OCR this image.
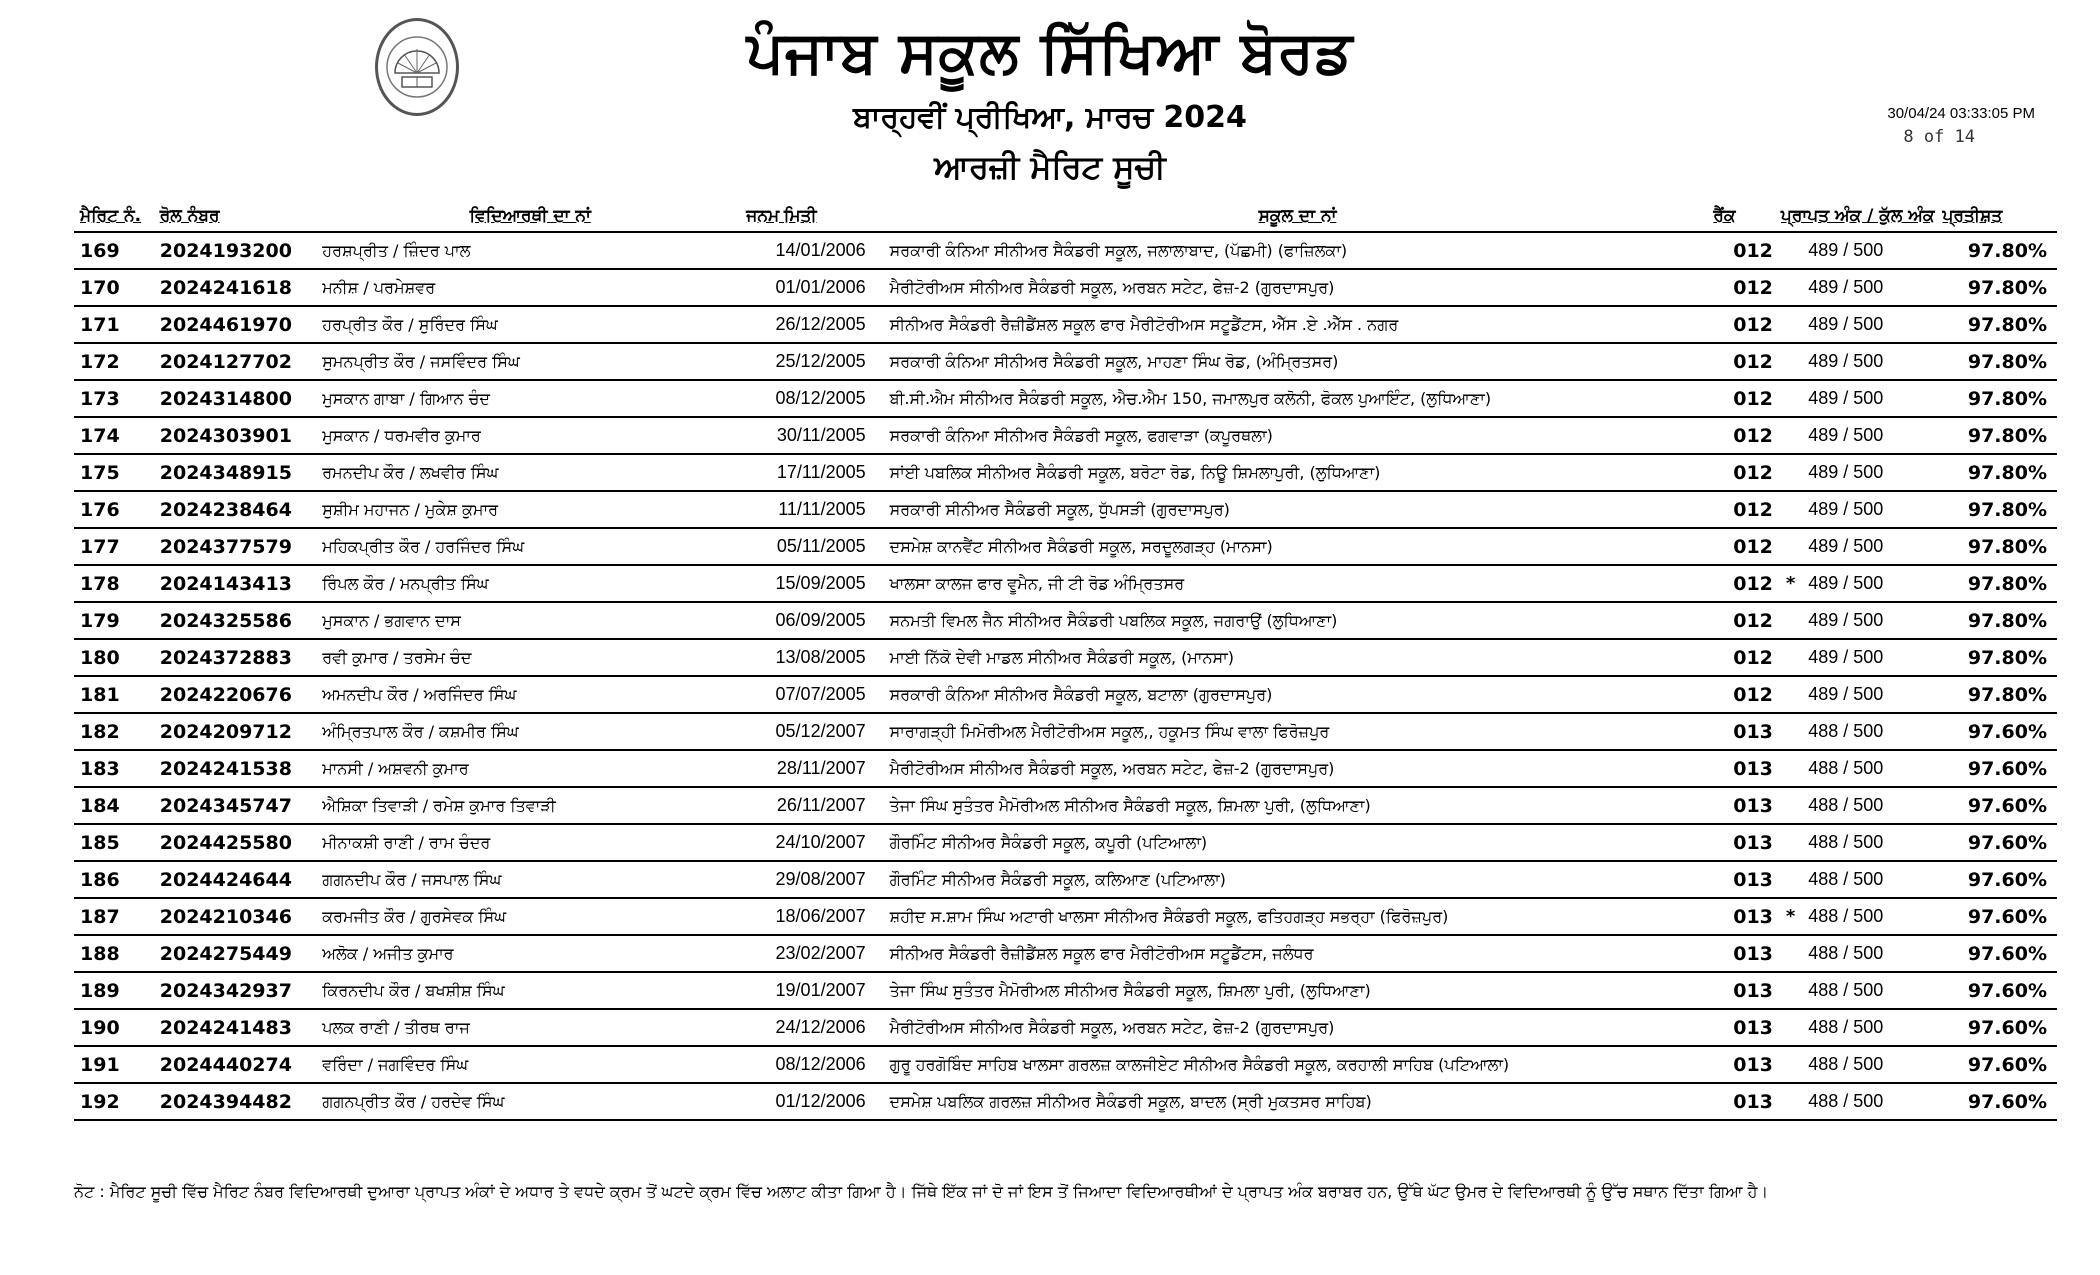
ਪੰਜਾਬ ਸਕੂਲ ਸਿੱਖਿਆ ਬੋਰਡ
ਬਾਰ੍ਹਵੀਂ ਪ੍ਰੀਖਿਆ, ਮਾਰਚ 2024
ਆਰਜ਼ੀ ਮੈਰਿਟ ਸੂਚੀ
30/04/24 03:33:05 PM
8 of 14
ਮੈਰਿਟ ਨੰ.	ਰੋਲ ਨੰਬਰ	ਵਿਦਿਆਰਥੀ ਦਾ ਨਾਂ	ਜਨਮ ਮਿਤੀ	ਸਕੂਲ ਦਾ ਨਾਂ	ਰੈਂਕ	ਪ੍ਰਾਪਤ ਅੰਕ / ਕੁੱਲ ਅੰਕ		ਪ੍ਰਤੀਸ਼ਤ
169	2024193200	ਹਰਸ਼ਪ੍ਰੀਤ / ਜ਼ਿੰਦਰ ਪਾਲ	14/01/2006	ਸਰਕਾਰੀ ਕੰਨਿਆ ਸੀਨੀਅਰ ਸੈਕੰਡਰੀ ਸਕੂਲ, ਜਲਾਲਾਬਾਦ, (ਪੱਛਮੀ) (ਫਾਜ਼ਿਲਕਾ)	012		489 / 500	97.80%
170	2024241618	ਮਨੀਸ਼ / ਪਰਮੇਸ਼ਵਰ	01/01/2006	ਮੈਰੀਟੋਰੀਅਸ ਸੀਨੀਅਰ ਸੈਕੰਡਰੀ ਸਕੂਲ, ਅਰਬਨ ਸਟੇਟ, ਫੇਜ਼-2 (ਗੁਰਦਾਸਪੁਰ)	012		489 / 500	97.80%
171	2024461970	ਹਰਪ੍ਰੀਤ ਕੌਰ / ਸੁਰਿੰਦਰ ਸਿੰਘ	26/12/2005	ਸੀਨੀਅਰ ਸੈਕੰਡਰੀ ਰੈਜ਼ੀਡੈਂਸ਼ਲ ਸਕੂਲ ਫਾਰ ਮੈਰੀਟੋਰੀਅਸ ਸਟੂਡੈਂਟਸ, ਐੱਸ .ਏ .ਐੱਸ . ਨਗਰ	012		489 / 500	97.80%
172	2024127702	ਸੁਮਨਪ੍ਰੀਤ ਕੌਰ / ਜਸਵਿੰਦਰ ਸਿੰਘ	25/12/2005	ਸਰਕਾਰੀ ਕੰਨਿਆ ਸੀਨੀਅਰ ਸੈਕੰਡਰੀ ਸਕੂਲ, ਮਾਹਣਾ ਸਿੰਘ ਰੋਡ, (ਅੰਮ੍ਰਿਤਸਰ)	012		489 / 500	97.80%
173	2024314800	ਮੁਸਕਾਨ ਗਾਬਾ / ਗਿਆਨ ਚੰਦ	08/12/2005	ਬੀ.ਸੀ.ਐਮ ਸੀਨੀਅਰ ਸੈਕੰਡਰੀ ਸਕੂਲ, ਐਚ.ਐਮ 150, ਜਮਾਲਪੁਰ ਕਲੋਨੀ, ਫੋਕਲ ਪੁਆਇੰਟ, (ਲੁਧਿਆਣਾ)	012		489 / 500	97.80%
174	2024303901	ਮੁਸਕਾਨ / ਧਰਮਵੀਰ ਕੁਮਾਰ	30/11/2005	ਸਰਕਾਰੀ ਕੰਨਿਆ ਸੀਨੀਅਰ ਸੈਕੰਡਰੀ ਸਕੂਲ, ਫਗਵਾੜਾ (ਕਪੂਰਥਲਾ)	012		489 / 500	97.80%
175	2024348915	ਰਮਨਦੀਪ ਕੌਰ / ਲਖਵੀਰ ਸਿੰਘ	17/11/2005	ਸਾਂਈ ਪਬਲਿਕ ਸੀਨੀਅਰ ਸੈਕੰਡਰੀ ਸਕੂਲ, ਬਰੋਟਾ ਰੋਡ, ਨਿਊ ਸ਼ਿਮਲਾਪੁਰੀ, (ਲੁਧਿਆਣਾ)	012		489 / 500	97.80%
176	2024238464	ਸੁਸ਼ੀਮ ਮਹਾਜਨ / ਮੁਕੇਸ਼ ਕੁਮਾਰ	11/11/2005	ਸਰਕਾਰੀ ਸੀਨੀਅਰ ਸੈਕੰਡਰੀ ਸਕੂਲ, ਧੁੱਪਸੜੀ (ਗੁਰਦਾਸਪੁਰ)	012		489 / 500	97.80%
177	2024377579	ਮਹਿਕਪ੍ਰੀਤ ਕੌਰ / ਹਰਜਿੰਦਰ ਸਿੰਘ	05/11/2005	ਦਸਮੇਸ਼ ਕਾਨਵੈਂਟ ਸੀਨੀਅਰ ਸੈਕੰਡਰੀ ਸਕੂਲ, ਸਰਦੂਲਗੜ੍ਹ (ਮਾਨਸਾ)	012		489 / 500	97.80%
178	2024143413	ਰਿੰਪਲ ਕੌਰ / ਮਨਪ੍ਰੀਤ ਸਿੰਘ	15/09/2005	ਖਾਲਸਾ ਕਾਲਜ ਫਾਰ ਵੂਮੈਨ, ਜੀ ਟੀ ਰੋਡ ਅੰਮ੍ਰਿਤਸਰ	012	*	489 / 500	97.80%
179	2024325586	ਮੁਸਕਾਨ / ਭਗਵਾਨ ਦਾਸ	06/09/2005	ਸਨਮਤੀ ਵਿਮਲ ਜੈਨ ਸੀਨੀਅਰ ਸੈਕੰਡਰੀ ਪਬਲਿਕ ਸਕੂਲ, ਜਗਰਾਉਂ (ਲੁਧਿਆਣਾ)	012		489 / 500	97.80%
180	2024372883	ਰਵੀ ਕੁਮਾਰ / ਤਰਸੇਮ ਚੰਦ	13/08/2005	ਮਾਈ ਨਿੱਕੋ ਦੇਵੀ ਮਾਡਲ ਸੀਨੀਅਰ ਸੈਕੰਡਰੀ ਸਕੂਲ, (ਮਾਨਸਾ)	012		489 / 500	97.80%
181	2024220676	ਅਮਨਦੀਪ ਕੌਰ / ਅਰਜਿੰਦਰ ਸਿੰਘ	07/07/2005	ਸਰਕਾਰੀ ਕੰਨਿਆ ਸੀਨੀਅਰ ਸੈਕੰਡਰੀ ਸਕੂਲ, ਬਟਾਲਾ (ਗੁਰਦਾਸਪੁਰ)	012		489 / 500	97.80%
182	2024209712	ਅੰਮ੍ਰਿਤਪਾਲ ਕੌਰ / ਕਸ਼ਮੀਰ ਸਿੰਘ	05/12/2007	ਸਾਰਾਗੜ੍ਹੀ ਮਿਮੋਰੀਅਲ ਮੈਰੀਟੋਰੀਅਸ ਸਕੂਲ,, ਹਕੂਮਤ ਸਿੰਘ ਵਾਲਾ ਫਿਰੋਜ਼ਪੁਰ	013		488 / 500	97.60%
183	2024241538	ਮਾਨਸੀ / ਅਸ਼ਵਨੀ ਕੁਮਾਰ	28/11/2007	ਮੈਰੀਟੋਰੀਅਸ ਸੀਨੀਅਰ ਸੈਕੰਡਰੀ ਸਕੂਲ, ਅਰਬਨ ਸਟੇਟ, ਫੇਜ਼-2 (ਗੁਰਦਾਸਪੁਰ)	013		488 / 500	97.60%
184	2024345747	ਐਸ਼ਿਕਾ ਤਿਵਾੜੀ / ਰਮੇਸ਼ ਕੁਮਾਰ ਤਿਵਾੜੀ	26/11/2007	ਤੇਜਾ ਸਿੰਘ ਸੁਤੰਤਰ ਮੈਮੋਰੀਅਲ ਸੀਨੀਅਰ ਸੈਕੰਡਰੀ ਸਕੂਲ, ਸ਼ਿਮਲਾ ਪੁਰੀ, (ਲੁਧਿਆਣਾ)	013		488 / 500	97.60%
185	2024425580	ਮੀਨਾਕਸ਼ੀ ਰਾਣੀ / ਰਾਮ ਚੰਦਰ	24/10/2007	ਗੌਰਮਿੰਟ ਸੀਨੀਅਰ ਸੈਕੰਡਰੀ ਸਕੂਲ, ਕਪੂਰੀ (ਪਟਿਆਲਾ)	013		488 / 500	97.60%
186	2024424644	ਗਗਨਦੀਪ ਕੌਰ / ਜਸਪਾਲ ਸਿੰਘ	29/08/2007	ਗੌਰਮਿੰਟ ਸੀਨੀਅਰ ਸੈਕੰਡਰੀ ਸਕੂਲ, ਕਲਿਆਣ (ਪਟਿਆਲਾ)	013		488 / 500	97.60%
187	2024210346	ਕਰਮਜੀਤ ਕੌਰ / ਗੁਰਸੇਵਕ ਸਿੰਘ	18/06/2007	ਸ਼ਹੀਦ ਸ.ਸ਼ਾਮ ਸਿੰਘ ਅਟਾਰੀ ਖਾਲਸਾ ਸੀਨੀਅਰ ਸੈਕੰਡਰੀ ਸਕੂਲ, ਫਤਿਹਗੜ੍ਹ ਸਭਰ੍ਹਾ (ਫਿਰੋਜ਼ਪੁਰ)	013	*	488 / 500	97.60%
188	2024275449	ਅਲੋਕ / ਅਜੀਤ ਕੁਮਾਰ	23/02/2007	ਸੀਨੀਅਰ ਸੈਕੰਡਰੀ ਰੈਜ਼ੀਡੈਂਸ਼ਲ ਸਕੂਲ ਫਾਰ ਮੈਰੀਟੋਰੀਅਸ ਸਟੂਡੈਂਟਸ, ਜਲੰਧਰ	013		488 / 500	97.60%
189	2024342937	ਕਿਰਨਦੀਪ ਕੌਰ / ਬਖਸ਼ੀਸ਼ ਸਿੰਘ	19/01/2007	ਤੇਜਾ ਸਿੰਘ ਸੁਤੰਤਰ ਮੈਮੋਰੀਅਲ ਸੀਨੀਅਰ ਸੈਕੰਡਰੀ ਸਕੂਲ, ਸ਼ਿਮਲਾ ਪੁਰੀ, (ਲੁਧਿਆਣਾ)	013		488 / 500	97.60%
190	2024241483	ਪਲਕ ਰਾਣੀ / ਤੀਰਥ ਰਾਜ	24/12/2006	ਮੈਰੀਟੋਰੀਅਸ ਸੀਨੀਅਰ ਸੈਕੰਡਰੀ ਸਕੂਲ, ਅਰਬਨ ਸਟੇਟ, ਫੇਜ਼-2 (ਗੁਰਦਾਸਪੁਰ)	013		488 / 500	97.60%
191	2024440274	ਵਰਿੰਦਾ / ਜਗਵਿੰਦਰ ਸਿੰਘ	08/12/2006	ਗੁਰੂ ਹਰਗੋਬਿੰਦ ਸਾਹਿਬ ਖਾਲਸਾ ਗਰਲਜ਼ ਕਾਲਜੀਏਟ ਸੀਨੀਅਰ ਸੈਕੰਡਰੀ ਸਕੂਲ, ਕਰਹਾਲੀ ਸਾਹਿਬ (ਪਟਿਆਲਾ)	013		488 / 500	97.60%
192	2024394482	ਗਗਨਪ੍ਰੀਤ ਕੌਰ / ਹਰਦੇਵ ਸਿੰਘ	01/12/2006	ਦਸਮੇਸ਼ ਪਬਲਿਕ ਗਰਲਜ਼ ਸੀਨੀਅਰ ਸੈਕੰਡਰੀ ਸਕੂਲ, ਬਾਦਲ (ਸ੍ਰੀ ਮੁਕਤਸਰ ਸਾਹਿਬ)	013		488 / 500	97.60%
ਨੋਟ : ਮੈਰਿਟ ਸੂਚੀ ਵਿੱਚ ਮੈਰਿਟ ਨੰਬਰ ਵਿਦਿਆਰਥੀ ਦੁਆਰਾ ਪ੍ਰਾਪਤ ਅੰਕਾਂ ਦੇ ਅਧਾਰ ਤੇ ਵਧਦੇ ਕ੍ਰਮ ਤੋਂ ਘਟਦੇ ਕ੍ਰਮ ਵਿੱਚ ਅਲਾਟ ਕੀਤਾ ਗਿਆ ਹੈ। ਜਿੱਥੇ ਇੱਕ ਜਾਂ ਦੋ ਜਾਂ ਇਸ ਤੋਂ ਜਿਆਦਾ ਵਿਦਿਆਰਥੀਆਂ ਦੇ ਪ੍ਰਾਪਤ ਅੰਕ ਬਰਾਬਰ ਹਨ, ਉੱਥੇ ਘੱਟ ਉਮਰ ਦੇ ਵਿਦਿਆਰਥੀ ਨੂੰ ਉੱਚ ਸਥਾਨ ਦਿੱਤਾ ਗਿਆ ਹੈ।
